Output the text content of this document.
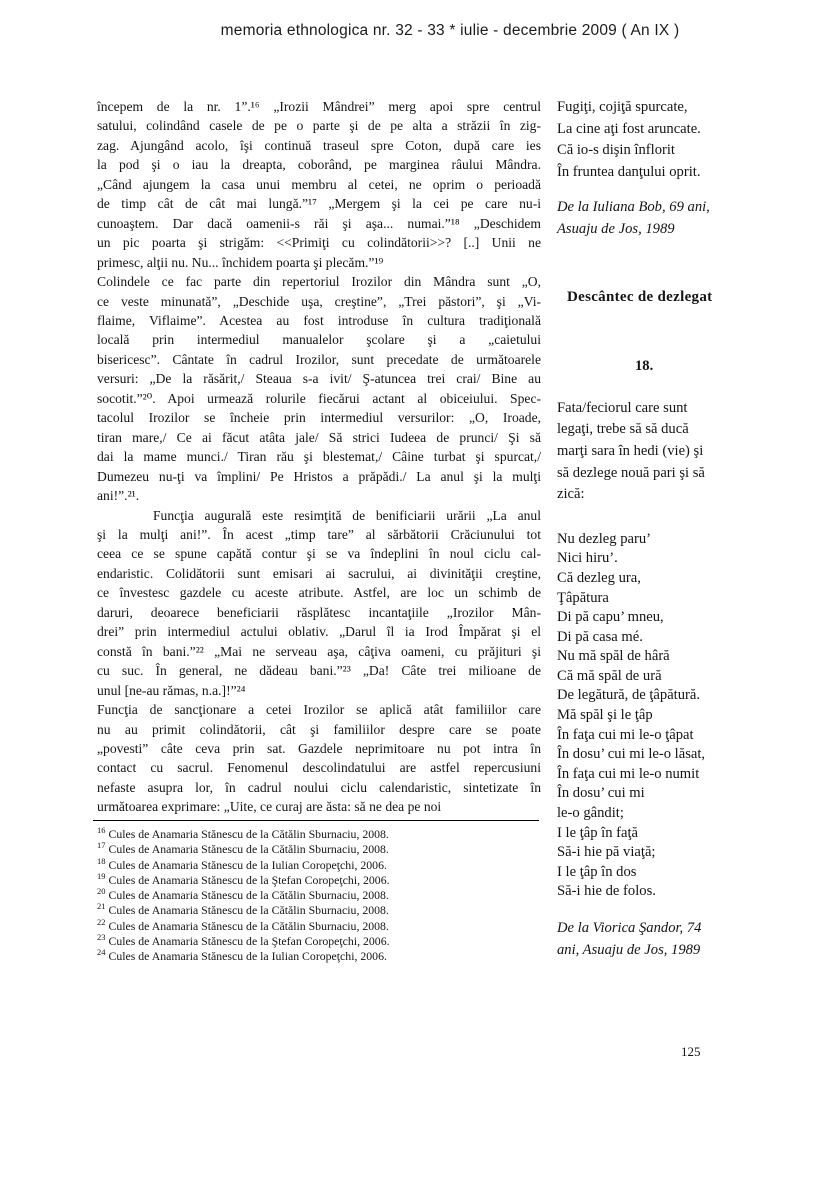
memoria ethnologica nr. 32 - 33 * iulie - decembrie 2009 ( An IX )
începem de la nr. 1”.¹⁶ „Irozii Mândrei” merg apoi spre centrul
satului, colindând casele de pe o parte şi de pe alta a străzii în zig-
zag. Ajungând acolo, îşi continuă traseul spre Coton, după care ies
la pod şi o iau la dreapta, coborând, pe marginea râului Mândra.
„Când ajungem la casa unui membru al cetei, ne oprim o perioadă
de timp cât de cât mai lungă.”¹⁷ „Mergem şi la cei pe care nu-i
cunoaştem. Dar dacă oamenii-s răi şi aşa... numai.”¹⁸ „Deschidem
un pic poarta şi strigăm: <<Primiţi cu colindătorii>>? [..] Unii ne
primesc, alţii nu. Nu... închidem poarta şi plecăm.”¹⁹
Colindele ce fac parte din repertoriul Irozilor din Mândra sunt „O,
ce veste minunată”, „Deschide uşa, creştine”, „Trei păstori”, şi „Vi-
flaime, Viflaime”. Acestea au fost introduse în cultura tradiţională
locală prin intermediul manualelor şcolare şi a „caietului
bisericesc”. Cântate în cadrul Irozilor, sunt precedate de următoarele
versuri: „De la răsărit,/ Steaua s-a ivit/ Ş-atuncea trei crai/ Bine au
socotit.”²⁰. Apoi urmează rolurile fiecărui actant al obiceiului. Spec-
tacolul Irozilor se încheie prin intermediul versurilor: „O, Iroade,
tiran mare,/ Ce ai făcut atâta jale/ Să strici Iudeea de prunci/ Şi să
dai la mame munci./ Tiran rău şi blestemat,/ Câine turbat şi spurcat,/
Dumezeu nu-ţi va împlini/ Pe Hristos a prăpădi./ La anul şi la mulţi
ani!”.²¹.
Funcţia augurală este resimţită de benificiarii urării „La anul
şi la mulţi ani!”. În acest „timp tare” al sărbătorii Crăciunului tot
ceea ce se spune capătă contur şi se va îndeplini în noul ciclu cal-
endaristic. Colidătorii sunt emisari ai sacrului, ai divinităţii creştine,
ce învestesc gazdele cu aceste atribute. Astfel, are loc un schimb de
daruri, deoarece beneficiarii răsplătesc incantaţiile „Irozilor Mân-
drei” prin intermediul actului oblativ. „Darul îl ia Irod Împărat şi el
constă în bani.”²² „Mai ne serveau aşa, câţiva oameni, cu prăjituri şi
cu suc. În general, ne dădeau bani.”²³ „Da! Câte trei milioane de
unul [ne-au rămas, n.a.]!”²⁴
Funcţia de sancţionare a cetei Irozilor se aplică atât familiilor care
nu au primit colindătorii, cât şi familiilor despre care se poate
„povesti” câte ceva prin sat. Gazdele neprimitoare nu pot intra în
contact cu sacrul. Fenomenul descolindatului are astfel repercusiuni
nefaste asupra lor, în cadrul noului ciclu calendaristic, sintetizate în
următoarea exprimare: „Uite, ce curaj are ăsta: să ne dea pe noi
$^{16}$ Cules de Anamaria Stănescu de la Cătălin Sburnaciu, 2008.
$^{17}$ Cules de Anamaria Stănescu de la Cătălin Sburnaciu, 2008.
$^{18}$ Cules de Anamaria Stănescu de la Iulian Coropeţchi, 2006.
$^{19}$ Cules de Anamaria Stănescu de la Ştefan Coropeţchi, 2006.
$^{20}$ Cules de Anamaria Stănescu de la Cătălin Sburnaciu, 2008.
$^{21}$ Cules de Anamaria Stănescu de la Cătălin Sburnaciu, 2008.
$^{22}$ Cules de Anamaria Stănescu de la Cătălin Sburnaciu, 2008.
$^{23}$ Cules de Anamaria Stănescu de la Ştefan Coropeţchi, 2006.
$^{24}$ Cules de Anamaria Stănescu de la Iulian Coropeţchi, 2006.
Fugiţi, cojiţă spurcate,
La cine aţi fost aruncate.
Că io-s dişin înflorit
În fruntea danţului oprit.
De la Iuliana Bob, 69 ani,
Asuaju de Jos, 1989
Descântec de dezlegat
18.
Fata/feciorul care sunt
legaţi, trebe să să ducă
marţi sara în hedi (vie) şi
să dezlege nouă pari şi să
zică:
Nu dezleg paru’
Nici hiru’.
Că dezleg ura,
Ţâpătura
Di pă capu’ mneu,
Di pă casa mé.
Nu mă spăl de hâră
Că mă spăl de ură
De legătură, de ţâpătură.
Mă spăl şi le ţâp
În faţa cui mi le-o ţâpat
În dosu’ cui mi le-o lăsat,
În faţa cui mi le-o numit
În dosu’ cui mi
le-o gândit;
I le ţâp în faţă
Să-i hie pă viaţă;
I le ţâp în dos
Să-i hie de folos.
De la Viorica Şandor, 74
ani, Asuaju de Jos, 1989
125
